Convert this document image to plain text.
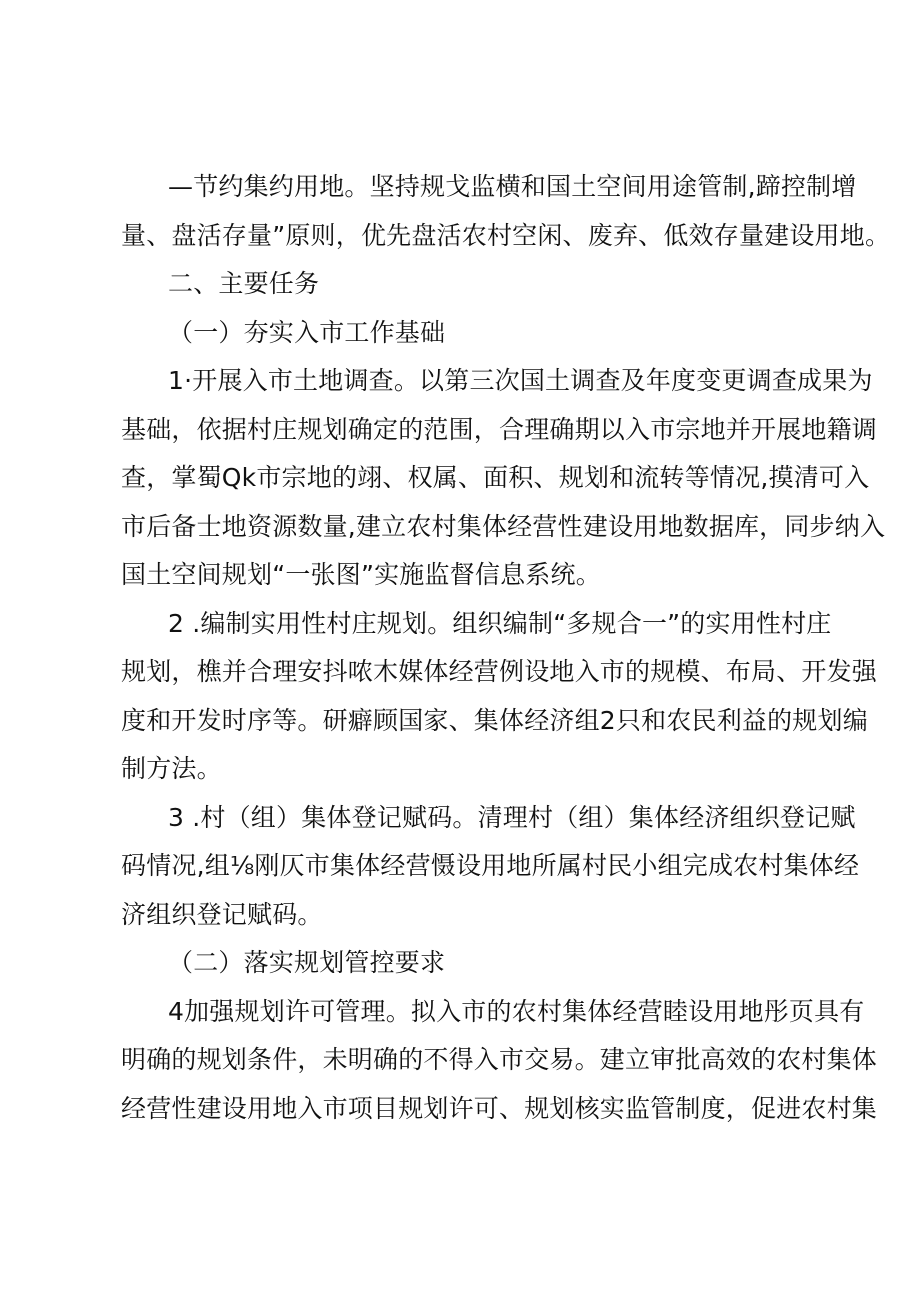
—节约集约用地。坚持规戈监横和国土空间用途管制,蹄控制增
量、盘活存量”原则，优先盘活农村空闲、废弃、低效存量建设用地。
二、主要任务
（一）夯实入市工作基础
1·开展入市土地调查。以第三次国土调查及年度变更调查成果为
基础，依据村庄规划确定的范围，合理确期以入市宗地并开展地籍调
查，掌蜀Qk市宗地的翊、权属、面积、规划和流转等情况,摸清可入
市后备士地资源数量,建立农村集体经营性建设用地数据库，同步纳入
国土空间规划“一张图”实施监督信息系统。
2 .编制实用性村庄规划。组织编制“多规合一”的实用性村庄
规划，樵并合理安抖哝木媒体经营例设地入市的规模、布局、开发强
度和开发时序等。研癖顾国家、集体经济组2只和农民利益的规划编
制方法。
3 .村（组）集体登记赋码。清理村（组）集体经济组织登记赋
码情况,组⅛刚仄市集体经营慑设用地所属村民小组完成农村集体经
济组织登记赋码。
（二）落实规划管控要求
4加强规划许可管理。拟入市的农村集体经营睦设用地彤页具有
明确的规划条件，未明确的不得入市交易。建立审批高效的农村集体
经营性建设用地入市项目规划许可、规划核实监管制度，促进农村集
